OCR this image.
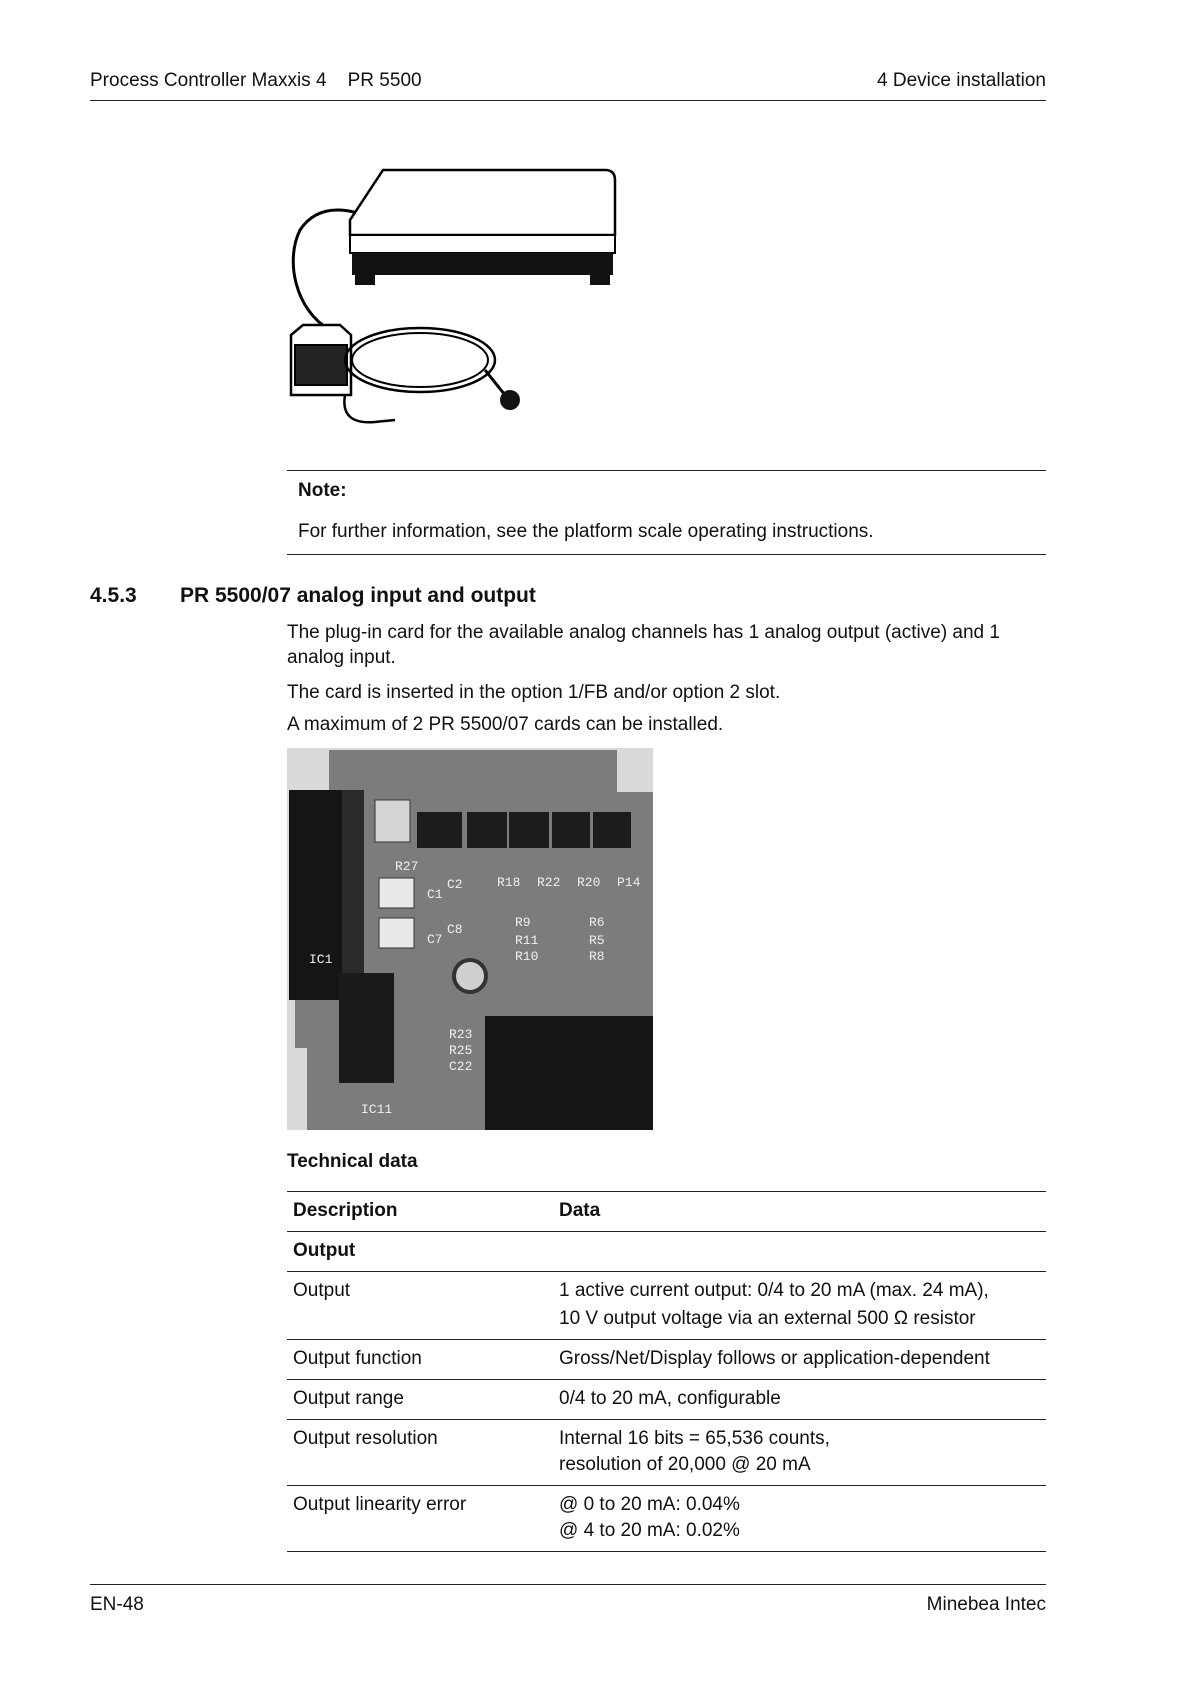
Process Controller Maxxis 4    PR 5500	4 Device installation
Note:
For further information, see the platform scale operating instructions.
4.5.3 PR 5500/07 analog input and output
The plug-in card for the available analog channels has 1 analog output (active) and 1 analog input.
The card is inserted in the option 1/FB and/or option 2 slot.
A maximum of 2 PR 5500/07 cards can be installed.
R27
C1
C2
C8
C7
R18 R22 R20 P14
R9
R11
R10
R6
R5
R8
IC1
R23
R25
C22
IC11
Technical data
Description	Data
Output	
Output	1 active current output: 0/4 to 20 mA (max. 24 mA),
10 V output voltage via an external 500 Ω resistor

Output function	Gross/Net/Display follows or application-dependent
Output range	0/4 to 20 mA, configurable
Output resolution	Internal 16 bits = 65,536 counts,
resolution of 20,000 @ 20 mA

Output linearity error	@ 0 to 20 mA: 0.04%
@ 4 to 20 mA: 0.02%
EN-48	Minebea Intec
